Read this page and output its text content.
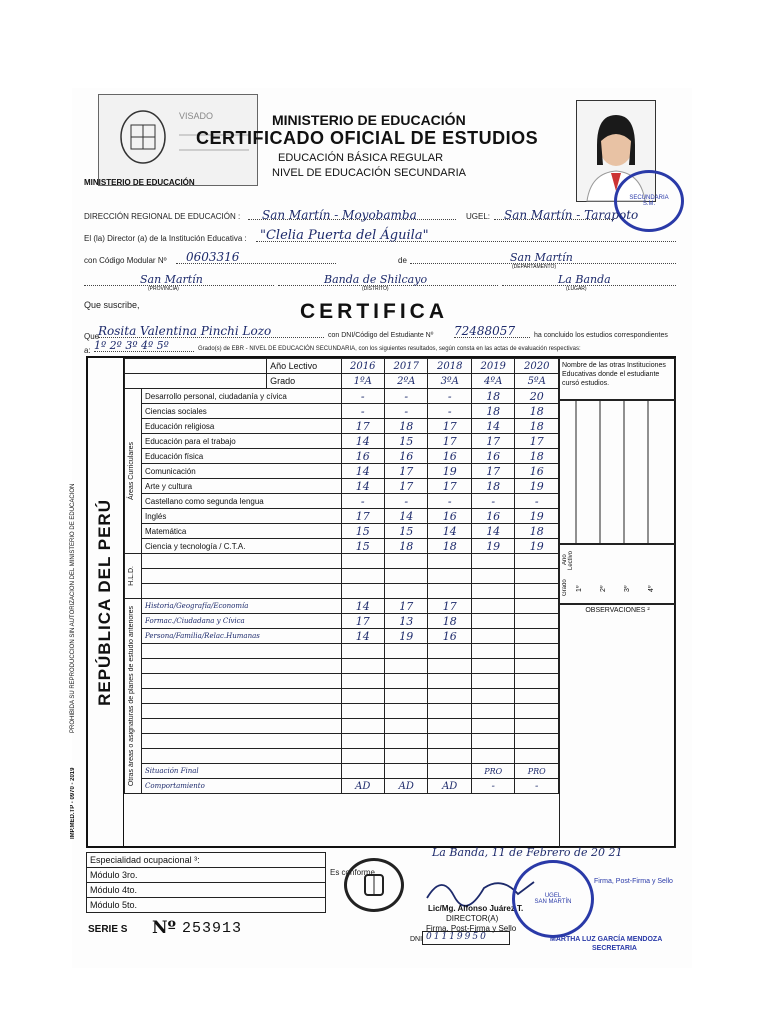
VISADO
MINISTERIO DE EDUCACIÓN
MINISTERIO DE EDUCACIÓN
CERTIFICADO OFICIAL DE ESTUDIOS
EDUCACIÓN BÁSICA REGULAR
NIVEL DE EDUCACIÓN SECUNDARIA
SECUNDARIA
S.M.
DIRECCIÓN REGIONAL DE EDUCACIÓN :	San Martín - Moyobamba	UGEL:	San Martín - Tarapoto
El (la) Director (a) de la Institución Educativa :	"Clelia Puerta del Águila"
con Código Modular Nº	0603316	de	San Martín
(DEPARTAMENTO)
San Martín
(PROVINCIA)
Banda de Shilcayo
(DISTRITO)
La Banda
(LUGAR)
Que suscribe,	CERTIFICA
Que
Rosita Valentina Pinchi Lozo	con DNI/Código del Estudiante Nº 72488057	ha concluido los estudios correspondientes
a: 1º 2º 3º 4º 5º	Grado(s) de EBR - NIVEL DE EDUCACIÓN SECUNDARIA, con los siguientes resultados, según consta en las actas de evaluación respectivas:
PROHIBIDA SU REPRODUCCIÓN SIN AUTORIZACIÓN DEL MINISTERIO DE EDUCACIÓN
IMP.MED.TP - 0970 - 2019
REPÚBLICA DEL PERÚ
		Año Lectivo	2016	2017	2018	2019	2020
		Grado	1ºA	2ºA	3ºA	4ºA	5ºA

Áreas Curriculares	Desarrollo personal, ciudadanía y cívica		-	-	-	18	20
	Ciencias sociales		-	-	-	18	18
	Educación religiosa		17	18	17	14	18
	Educación para el trabajo		14	15	17	17	17
	Educación física		16	16	16	16	18
	Comunicación		14	17	19	17	16
	Arte y cultura		14	17	17	18	19
	Castellano como segunda lengua		-	-	-	-	-
	Inglés		17	14	16	16	19
	Matemática		15	15	14	14	18
	Ciencia y tecnología / C.T.A.		15	18	18	19	19

H.L.D.							

Otras áreas o asignaturas de planes de estudio anteriores	Historia/Geografía/Economía		14	17	17		
	Formac./Ciudadana y Cívica		17	13	18		
	Persona/Familia/Relac.Humanas		14	19	16		

	Situación Final					PRO	PRO
	Comportamiento		AD	AD	AD	-	-
Nombre de las otras Instituciones Educativas donde el estudiante cursó estudios.
Año Lectivo
Grado 1º	2º	3º	4º
OBSERVACIONES ²
Especialidad ocupacional ³:
Módulo 3ro.
Módulo 4to.
Módulo 5to.
La Banda, 11 de Febrero de 20 21
Es conforme
Lic/Mg. Alfonso Juárez T.
DIRECTOR(A)
Firma, Post-Firma y Sello
DNI 01119950
UGEL
SAN MARTÍN
Firma, Post-Firma y Sello
MARTHA LUZ GARCÍA MENDOZA
SECRETARIA
SERIE S Nº 253913
